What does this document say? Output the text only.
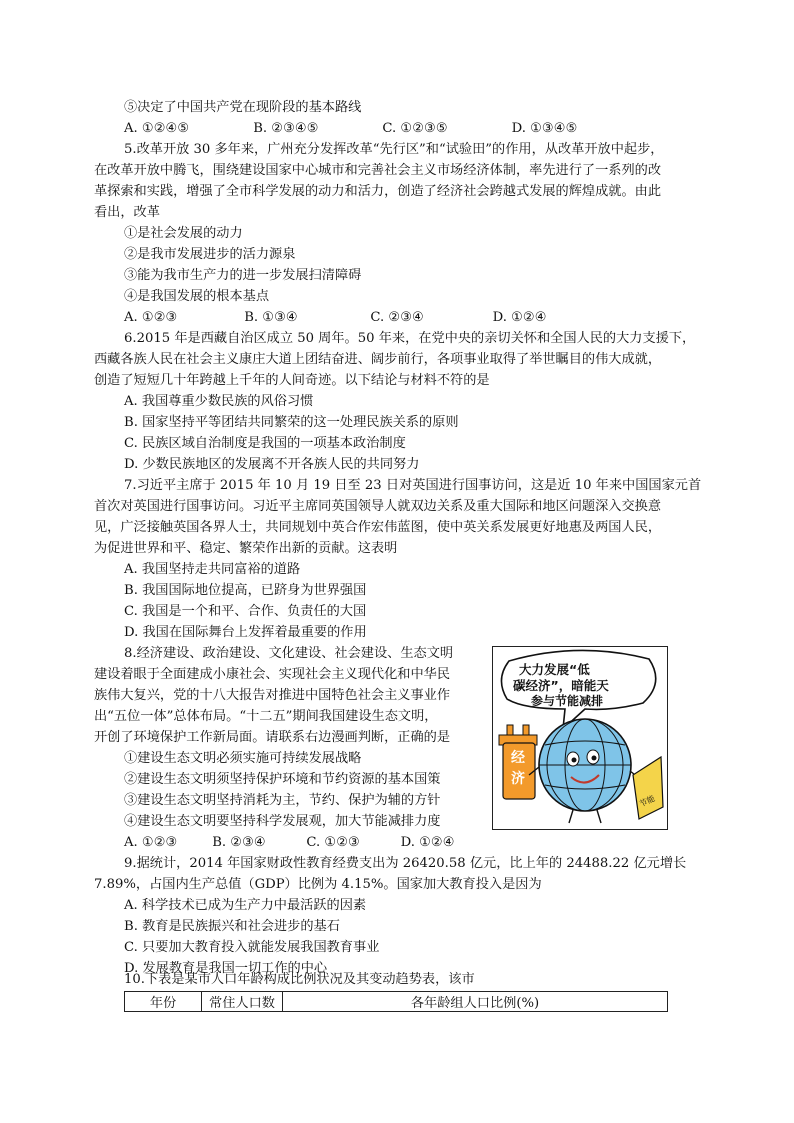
⑤决定了中国共产党在现阶段的基本路线
A. ①②④⑤	B. ②③④⑤	C. ①②③⑤	D. ①③④⑤
5.改革开放 30 多年来，广州充分发挥改革“先行区”和“试验田”的作用，从改革开放中起步，
在改革开放中腾飞，围绕建设国家中心城市和完善社会主义市场经济体制，率先进行了一系列的改
革探索和实践，增强了全市科学发展的动力和活力，创造了经济社会跨越式发展的辉煌成就。由此
看出，改革
①是社会发展的动力
②是我市发展进步的活力源泉
③能为我市生产力的进一步发展扫清障碍
④是我国发展的根本基点
A. ①②③	B. ①③④	C. ②③④	D. ①②④
6.2015 年是西藏自治区成立 50 周年。50 年来，在党中央的亲切关怀和全国人民的大力支援下，
西藏各族人民在社会主义康庄大道上团结奋进、阔步前行，各项事业取得了举世瞩目的伟大成就，
创造了短短几十年跨越上千年的人间奇迹。以下结论与材料不符的是
A. 我国尊重少数民族的风俗习惯
B. 国家坚持平等团结共同繁荣的这一处理民族关系的原则
C. 民族区域自治制度是我国的一项基本政治制度
D. 少数民族地区的发展离不开各族人民的共同努力
7.习近平主席于 2015 年 10 月 19 日至 23 日对英国进行国事访问，这是近 10 年来中国国家元首
首次对英国进行国事访问。习近平主席同英国领导人就双边关系及重大国际和地区问题深入交换意
见，广泛接触英国各界人士，共同规划中英合作宏伟蓝图，使中英关系发展更好地惠及两国人民，
为促进世界和平、稳定、繁荣作出新的贡献。这表明
A. 我国坚持走共同富裕的道路
B. 我国国际地位提高，已跻身为世界强国
C. 我国是一个和平、合作、负责任的大国
D. 我国在国际舞台上发挥着最重要的作用
8.经济建设、政治建设、文化建设、社会建设、生态文明
建设着眼于全面建成小康社会、实现社会主义现代化和中华民
族伟大复兴，党的十八大报告对推进中国特色社会主义事业作
出“五位一体”总体布局。“十二五”期间我国建设生态文明，
开创了环境保护工作新局面。请联系右边漫画判断，正确的是
①建设生态文明必须实施可持续发展战略
②建设生态文明须坚持保护环境和节约资源的基本国策
③建设生态文明坚持消耗为主，节约、保护为辅的方针
④建设生态文明要坚持科学发展观，加大节能减排力度
A. ①②③	B. ②③④	C. ①②③	D. ①②④
大力发展“低
碳经济”，暗能天
参与节能减排
经
济
节能
9.据统计，2014 年国家财政性教育经费支出为 26420.58 亿元，比上年的 24488.22 亿元增长
7.89%，占国内生产总值（GDP）比例为 4.15%。国家加大教育投入是因为
A. 科学技术已成为生产力中最活跃的因素
B. 教育是民族振兴和社会进步的基石
C. 只要加大教育投入就能发展我国教育事业
D. 发展教育是我国一切工作的中心
10.下表是某市人口年龄构成比例状况及其变动趋势表，该市
年份	常住人口数	各年龄组人口比例(%)
